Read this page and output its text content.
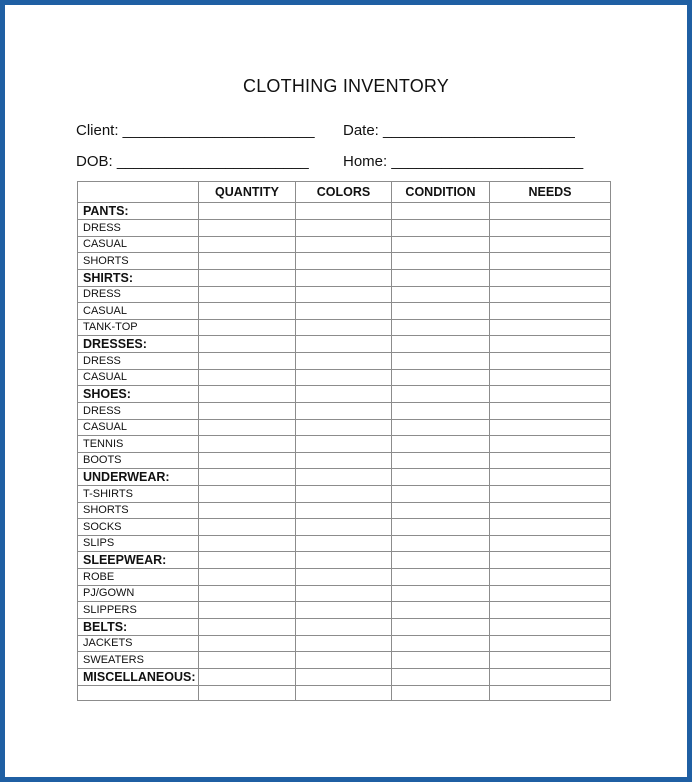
CLOTHING INVENTORY
Client: _______________________ Date: _______________________
DOB: _______________________ Home: _______________________
	QUANTITY	COLORS	CONDITION	NEEDS
PANTS:				
DRESS				
CASUAL				
SHORTS				
SHIRTS:				
DRESS				
CASUAL				
TANK-TOP				
DRESSES:				
DRESS				
CASUAL				
SHOES:				
DRESS				
CASUAL				
TENNIS				
BOOTS				
UNDERWEAR:				
T-SHIRTS				
SHORTS				
SOCKS				
SLIPS				
SLEEPWEAR:				
ROBE				
PJ/GOWN				
SLIPPERS				
BELTS:				
JACKETS				
SWEATERS				
MISCELLANEOUS:				
